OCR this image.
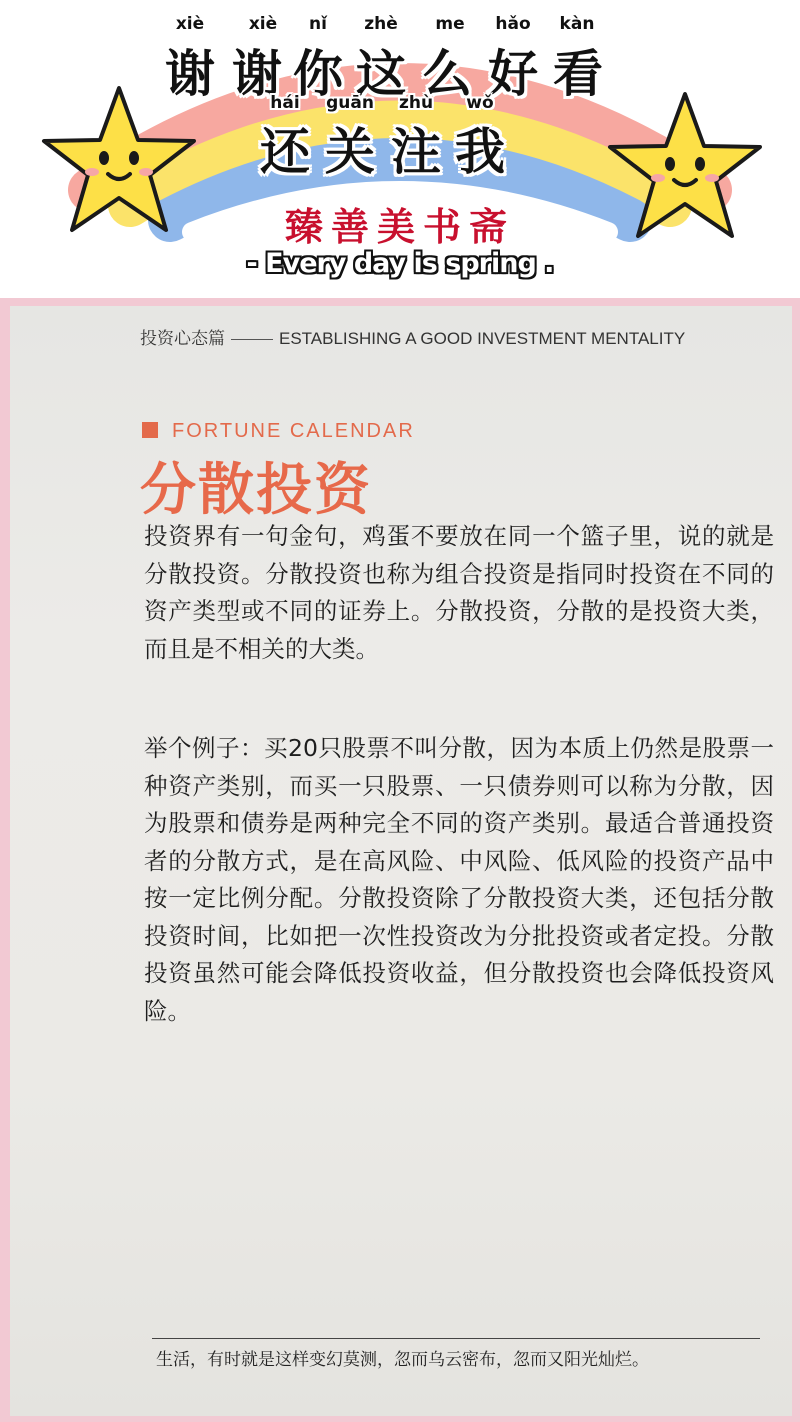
xiè	xiè nǐ zhè me hǎo kàn
谢 谢 你 这 么 好 看
hái guān zhù wǒ
还 关 注 我
臻善美书斋
- Every day is spring .
投资心态篇	ESTABLISHING A GOOD INVESTMENT MENTALITY
FORTUNE CALENDAR
分散投资
投资界有一句金句，鸡蛋不要放在同一个篮子里，说的就是分散投资。分散投资也称为组合投资是指同时投资在不同的资产类型或不同的证券上。分散投资，分散的是投资大类，而且是不相关的大类。
举个例子：买20只股票不叫分散，因为本质上仍然是股票一种资产类别，而买一只股票、一只债券则可以称为分散，因为股票和债券是两种完全不同的资产类别。最适合普通投资者的分散方式，是在高风险、中风险、低风险的投资产品中按一定比例分配。分散投资除了分散投资大类，还包括分散投资时间，比如把一次性投资改为分批投资或者定投。分散投资虽然可能会降低投资收益，但分散投资也会降低投资风险。
生活，有时就是这样变幻莫测，忽而乌云密布，忽而又阳光灿烂。
